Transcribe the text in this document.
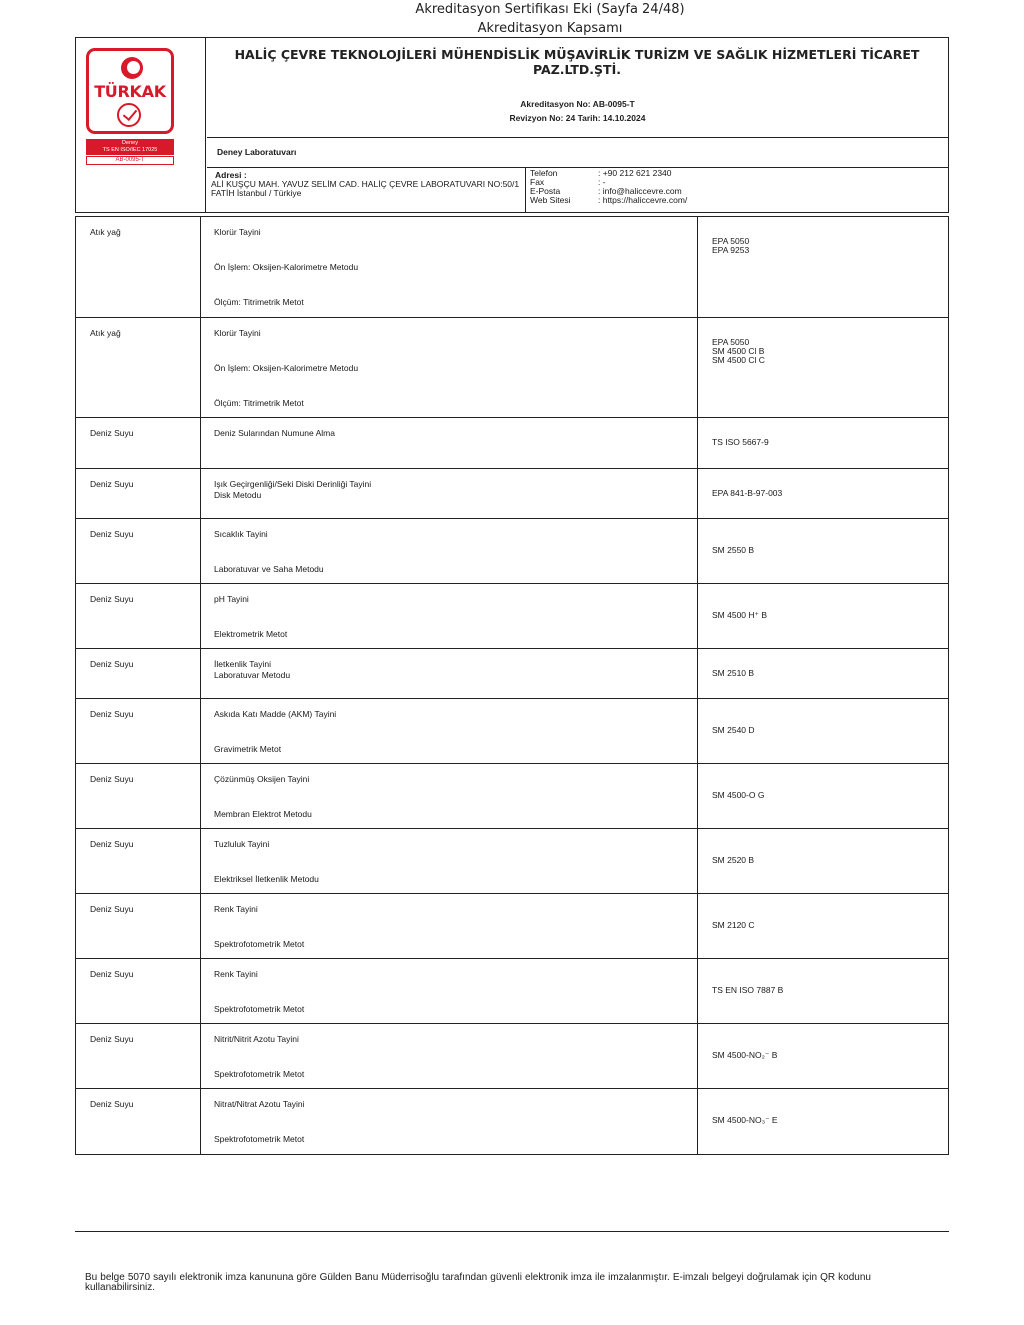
Akreditasyon Sertifikası Eki (Sayfa 24/48)
Akreditasyon Kapsamı
TÜRKAK
Deney
TS EN ISO/IEC 17025
AB-0095-T
HALİÇ ÇEVRE TEKNOLOJİLERİ MÜHENDİSLİK MÜŞAVİRLİK TURİZM VE SAĞLIK HİZMETLERİ TİCARET
PAZ.LTD.ŞTİ.
Akreditasyon No: AB-0095-T
Revizyon No: 24 Tarih: 14.10.2024
Deney Laboratuvarı
Adresi :
ALİ KUŞÇU MAH. YAVUZ SELİM CAD. HALİÇ ÇEVRE LABORATUVARI NO:50/1
FATİH İstanbul / Türkiye
Telefon	: +90 212 621 2340
Fax	: -
E-Posta	: info@haliccevre.com
Web Sitesi	: https://haliccevre.com/
Atık yağ	Klorür Tayini
Ön İşlem: Oksijen-Kalorimetre Metodu
Ölçüm: Titrimetrik Metot
EPA 5050
EPA 9253
Atık yağ	Klorür Tayini
Ön İşlem: Oksijen-Kalorimetre Metodu
Ölçüm: Titrimetrik Metot
EPA 5050
SM 4500 Cl B
SM 4500 Cl C
Deniz Suyu	Deniz Sularından Numune Alma
TS ISO 5667-9
Deniz Suyu	Işık Geçirgenliği/Seki Diski Derinliği Tayini
Disk Metodu	EPA 841-B-97-003
Deniz Suyu	Sıcaklık Tayini
Laboratuvar ve Saha Metodu
SM 2550 B
Deniz Suyu	pH Tayini
Elektrometrik Metot
SM 4500 H⁺ B
Deniz Suyu	İletkenlik Tayini
Laboratuvar Metodu	SM 2510 B
Deniz Suyu	Askıda Katı Madde (AKM) Tayini
Gravimetrik Metot
SM 2540 D
Deniz Suyu	Çözünmüş Oksijen Tayini
Membran Elektrot Metodu
SM 4500-O G
Deniz Suyu	Tuzluluk Tayini
Elektriksel İletkenlik Metodu
SM 2520 B
Deniz Suyu	Renk Tayini
Spektrofotometrik Metot
SM 2120 C
Deniz Suyu	Renk Tayini
Spektrofotometrik Metot
TS EN ISO 7887 B
Deniz Suyu	Nitrit/Nitrit Azotu Tayini
Spektrofotometrik Metot
SM 4500-NO₂⁻ B
Deniz Suyu	Nitrat/Nitrat Azotu Tayini
Spektrofotometrik Metot
SM 4500-NO₃⁻ E
Bu belge 5070 sayılı elektronik imza kanununa göre Gülden Banu Müderrisoğlu tarafından güvenli elektronik imza ile imzalanmıştır. E-imzalı belgeyi doğrulamak için QR kodunu kullanabilirsiniz.
